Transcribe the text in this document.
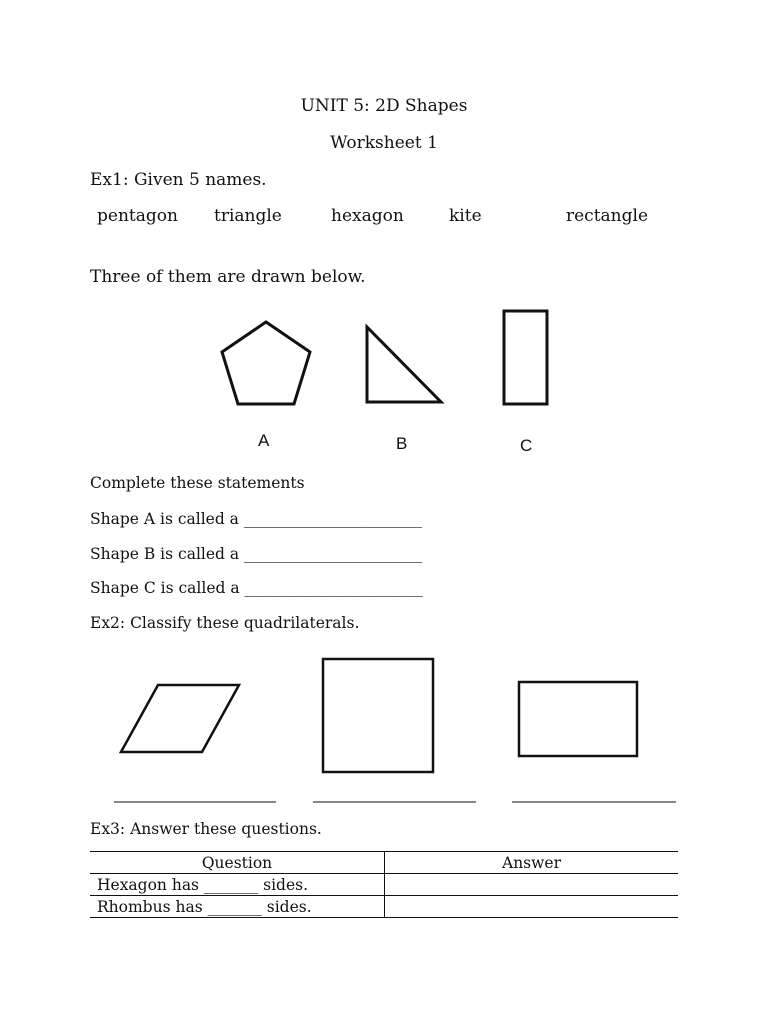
UNIT 5: 2D Shapes
Worksheet 1
Ex1: Given 5 names.
pentagon triangle	hexagon	kite	rectangle
Three of them are drawn below.
A	B	C
Complete these statements
Shape A is called a _______________________
Shape B is called a _______________________
Shape C is called a _______________________
Ex2: Classify these quadrilaterals.
Ex3: Answer these questions.
Question	Answer
Hexagon has _______ sides.	
Rhombus has _______ sides.	
